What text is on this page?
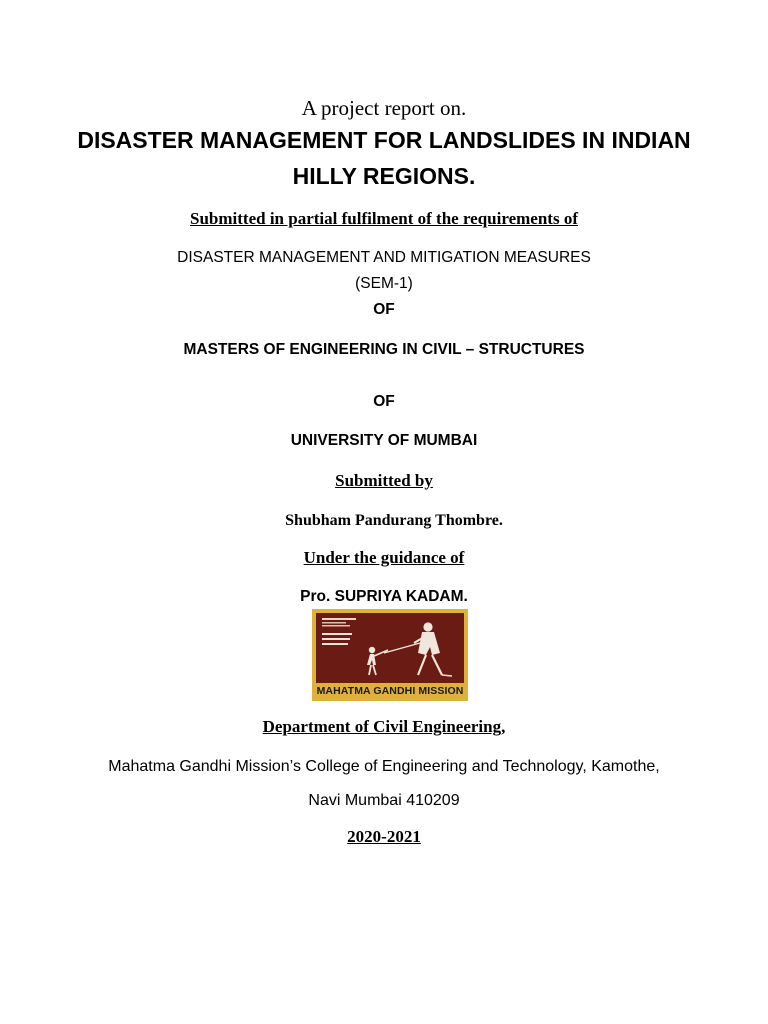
A project report on.

DISASTER MANAGEMENT FOR LANDSLIDES IN INDIAN

HILLY REGIONS.

Submitted in partial fulfilment of the requirements of

DISASTER MANAGEMENT AND MITIGATION MEASURES

(SEM-1)

OF

MASTERS OF ENGINEERING IN CIVIL – STRUCTURES

OF

UNIVERSITY OF MUMBAI

Submitted by

Shubham Pandurang Thombre.

Under the guidance of

Pro. SUPRIYA KADAM.

MAHATMA GANDHI MISSION

Department of Civil Engineering,

Mahatma Gandhi Mission’s College of Engineering and Technology, Kamothe,

Navi Mumbai 410209

2020-2021
